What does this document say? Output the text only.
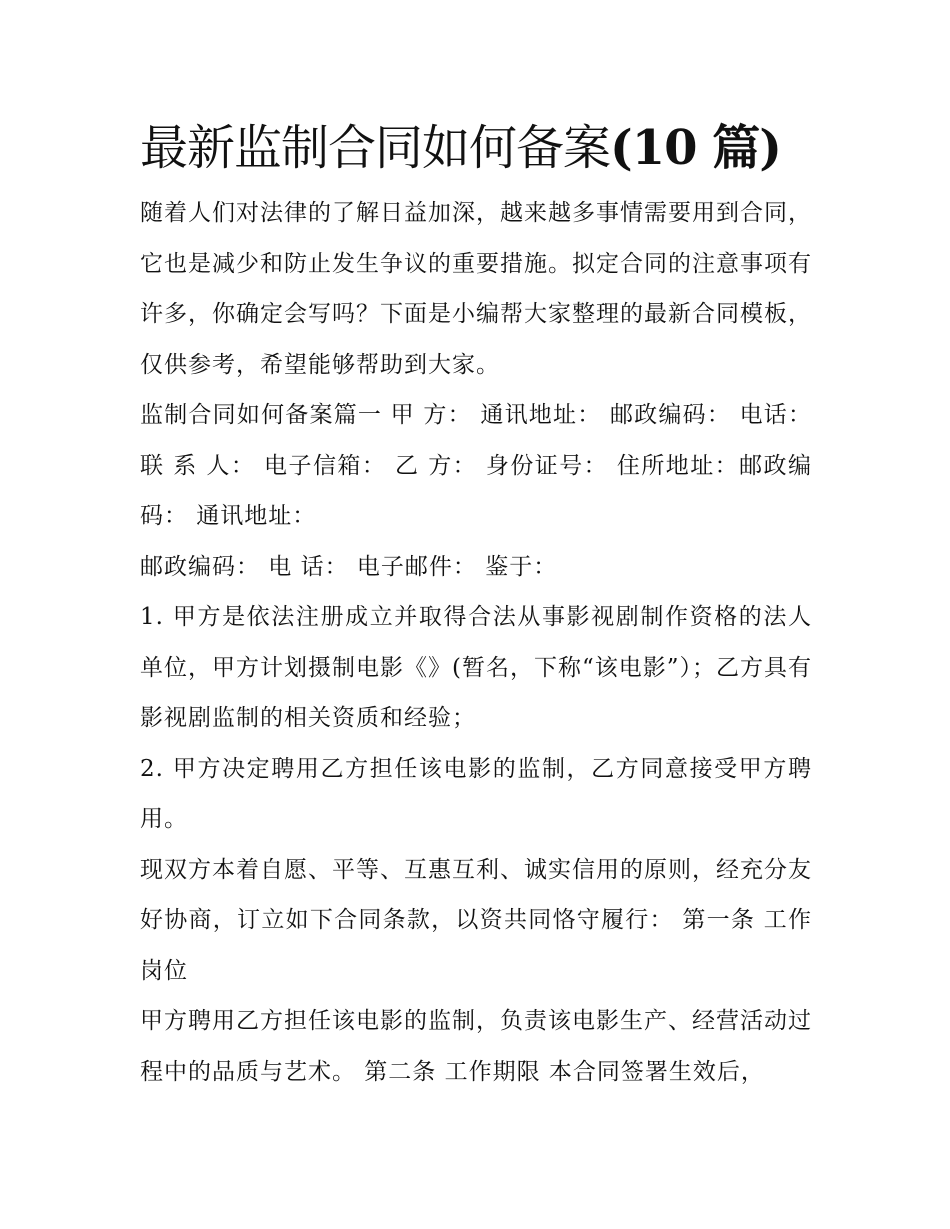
最新监制合同如何备案(10 篇)

随着人们对法律的了解日益加深，越来越多事情需要用到合同，它也是减少和防止发生争议的重要措施。拟定合同的注意事项有许多，你确定会写吗？下面是小编帮大家整理的最新合同模板，仅供参考，希望能够帮助到大家。

监制合同如何备案篇一 甲 方： 通讯地址： 邮政编码： 电话： 联 系 人： 电子信箱： 乙 方： 身份证号： 住所地址：邮政编码： 通讯地址：

邮政编码： 电 话： 电子邮件： 鉴于：

1. 甲方是依法注册成立并取得合法从事影视剧制作资格的法人单位，甲方计划摄制电影《》(暂名，下称“该电影”）；乙方具有影视剧监制的相关资质和经验；

2. 甲方决定聘用乙方担任该电影的监制，乙方同意接受甲方聘用。

现双方本着自愿、平等、互惠互利、诚实信用的原则，经充分友好协商，订立如下合同条款，以资共同恪守履行： 第一条 工作岗位

甲方聘用乙方担任该电影的监制，负责该电影生产、经营活动过程中的品质与艺术。 第二条 工作期限 本合同签署生效后，
